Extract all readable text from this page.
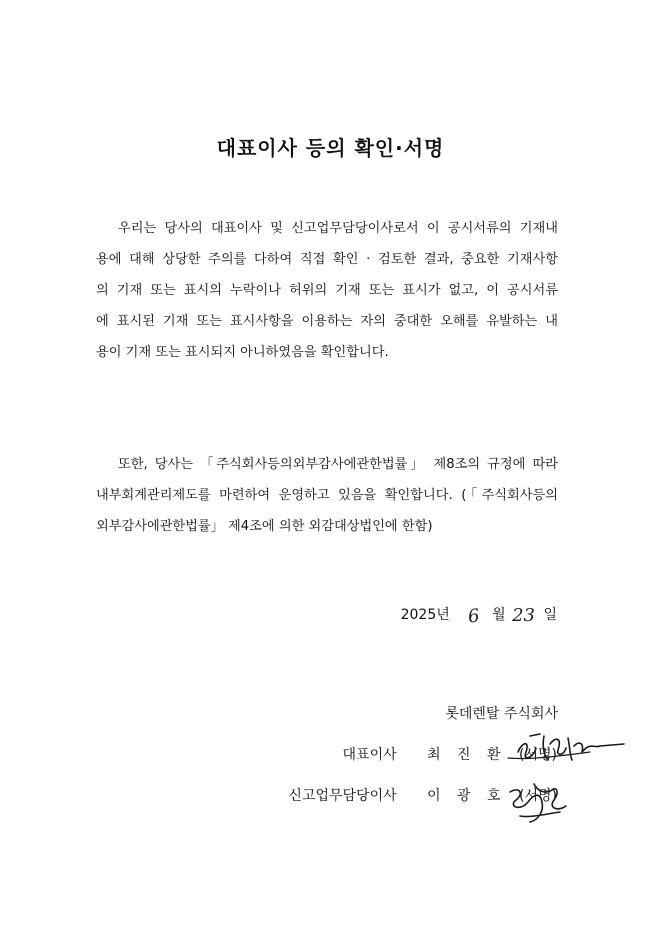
대표이사 등의 확인·서명
우리는 당사의 대표이사 및 신고업무담당이사로서 이 공시서류의 기재내
용에 대해 상당한 주의를 다하여 직접 확인 · 검토한 결과, 중요한 기재사항
의 기재 또는 표시의 누락이나 허위의 기재 또는 표시가 없고, 이 공시서류
에 표시된 기재 또는 표시사항을 이용하는 자의 중대한 오해를 유발하는 내
용이 기재 또는 표시되지 아니하였음을 확인합니다.
또한, 당사는 「주식회사등의외부감사에관한법률」 제8조의 규정에 따라
내부회계관리제도를 마련하여 운영하고 있음을 확인합니다. (「주식회사등의
외부감사에관한법률」 제4조에 의한 외감대상법인에 한함)
2025년 6 월 23 일
롯데렌탈 주식회사
대표이사 최 진 환 (서명)
신고업무담당이사 이 광 호 (서명)
